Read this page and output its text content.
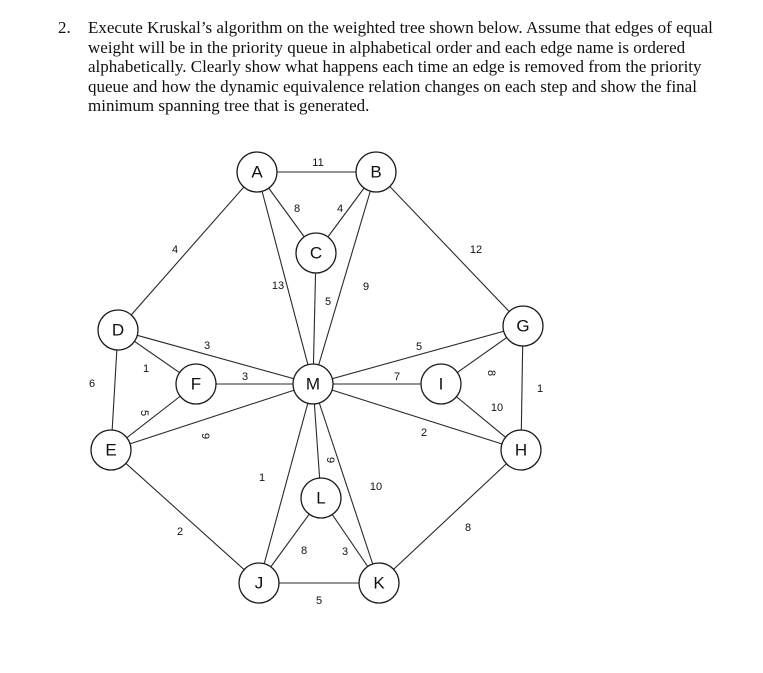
2. Execute Kruskal’s algorithm on the weighted tree shown below. Assume that edges of equal weight will be in the priority queue in alphabetical order and each edge name is ordered alphabetically. Clearly show what happens each time an edge is removed from the priority queue and how the dynamic equivalence relation changes on each step and show the final minimum spanning tree that is generated.
11
4
8
13
4
9
12
5
6
3
1
5
9
2
3
1
8
5
10
2
8
7
1
8
5
3
10
9
A	B
C
D
E
F
G
H
I
J	K
L
M
